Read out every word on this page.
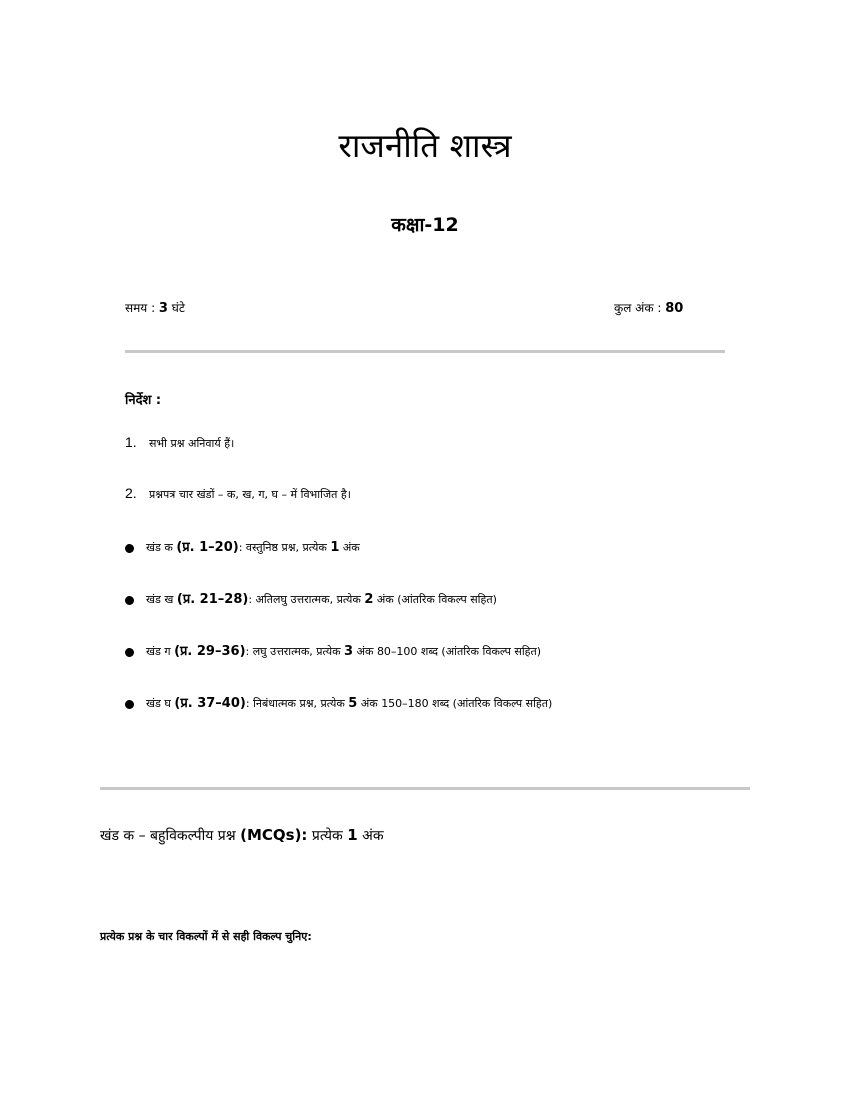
राजनीति शास्त्र
कक्षा-12
समय : 3 घंटे	कुल अंक : 80
निर्देश :
1. सभी प्रश्न अनिवार्य हैं।
2. प्रश्नपत्र चार खंडों – क, ख, ग, घ – में विभाजित है।
खंड क (प्र. 1–20): वस्तुनिष्ठ प्रश्न, प्रत्येक 1 अंक
खंड ख (प्र. 21–28): अतिलघु उत्तरात्मक, प्रत्येक 2 अंक (आंतरिक विकल्प सहित)
खंड ग (प्र. 29–36): लघु उत्तरात्मक, प्रत्येक 3 अंक 80–100 शब्द (आंतरिक विकल्प सहित)
खंड घ (प्र. 37–40): निबंधात्मक प्रश्न, प्रत्येक 5 अंक 150–180 शब्द (आंतरिक विकल्प सहित)
खंड क – बहुविकल्पीय प्रश्न (MCQs): प्रत्येक 1 अंक
प्रत्येक प्रश्न के चार विकल्पों में से सही विकल्प चुनिए:
